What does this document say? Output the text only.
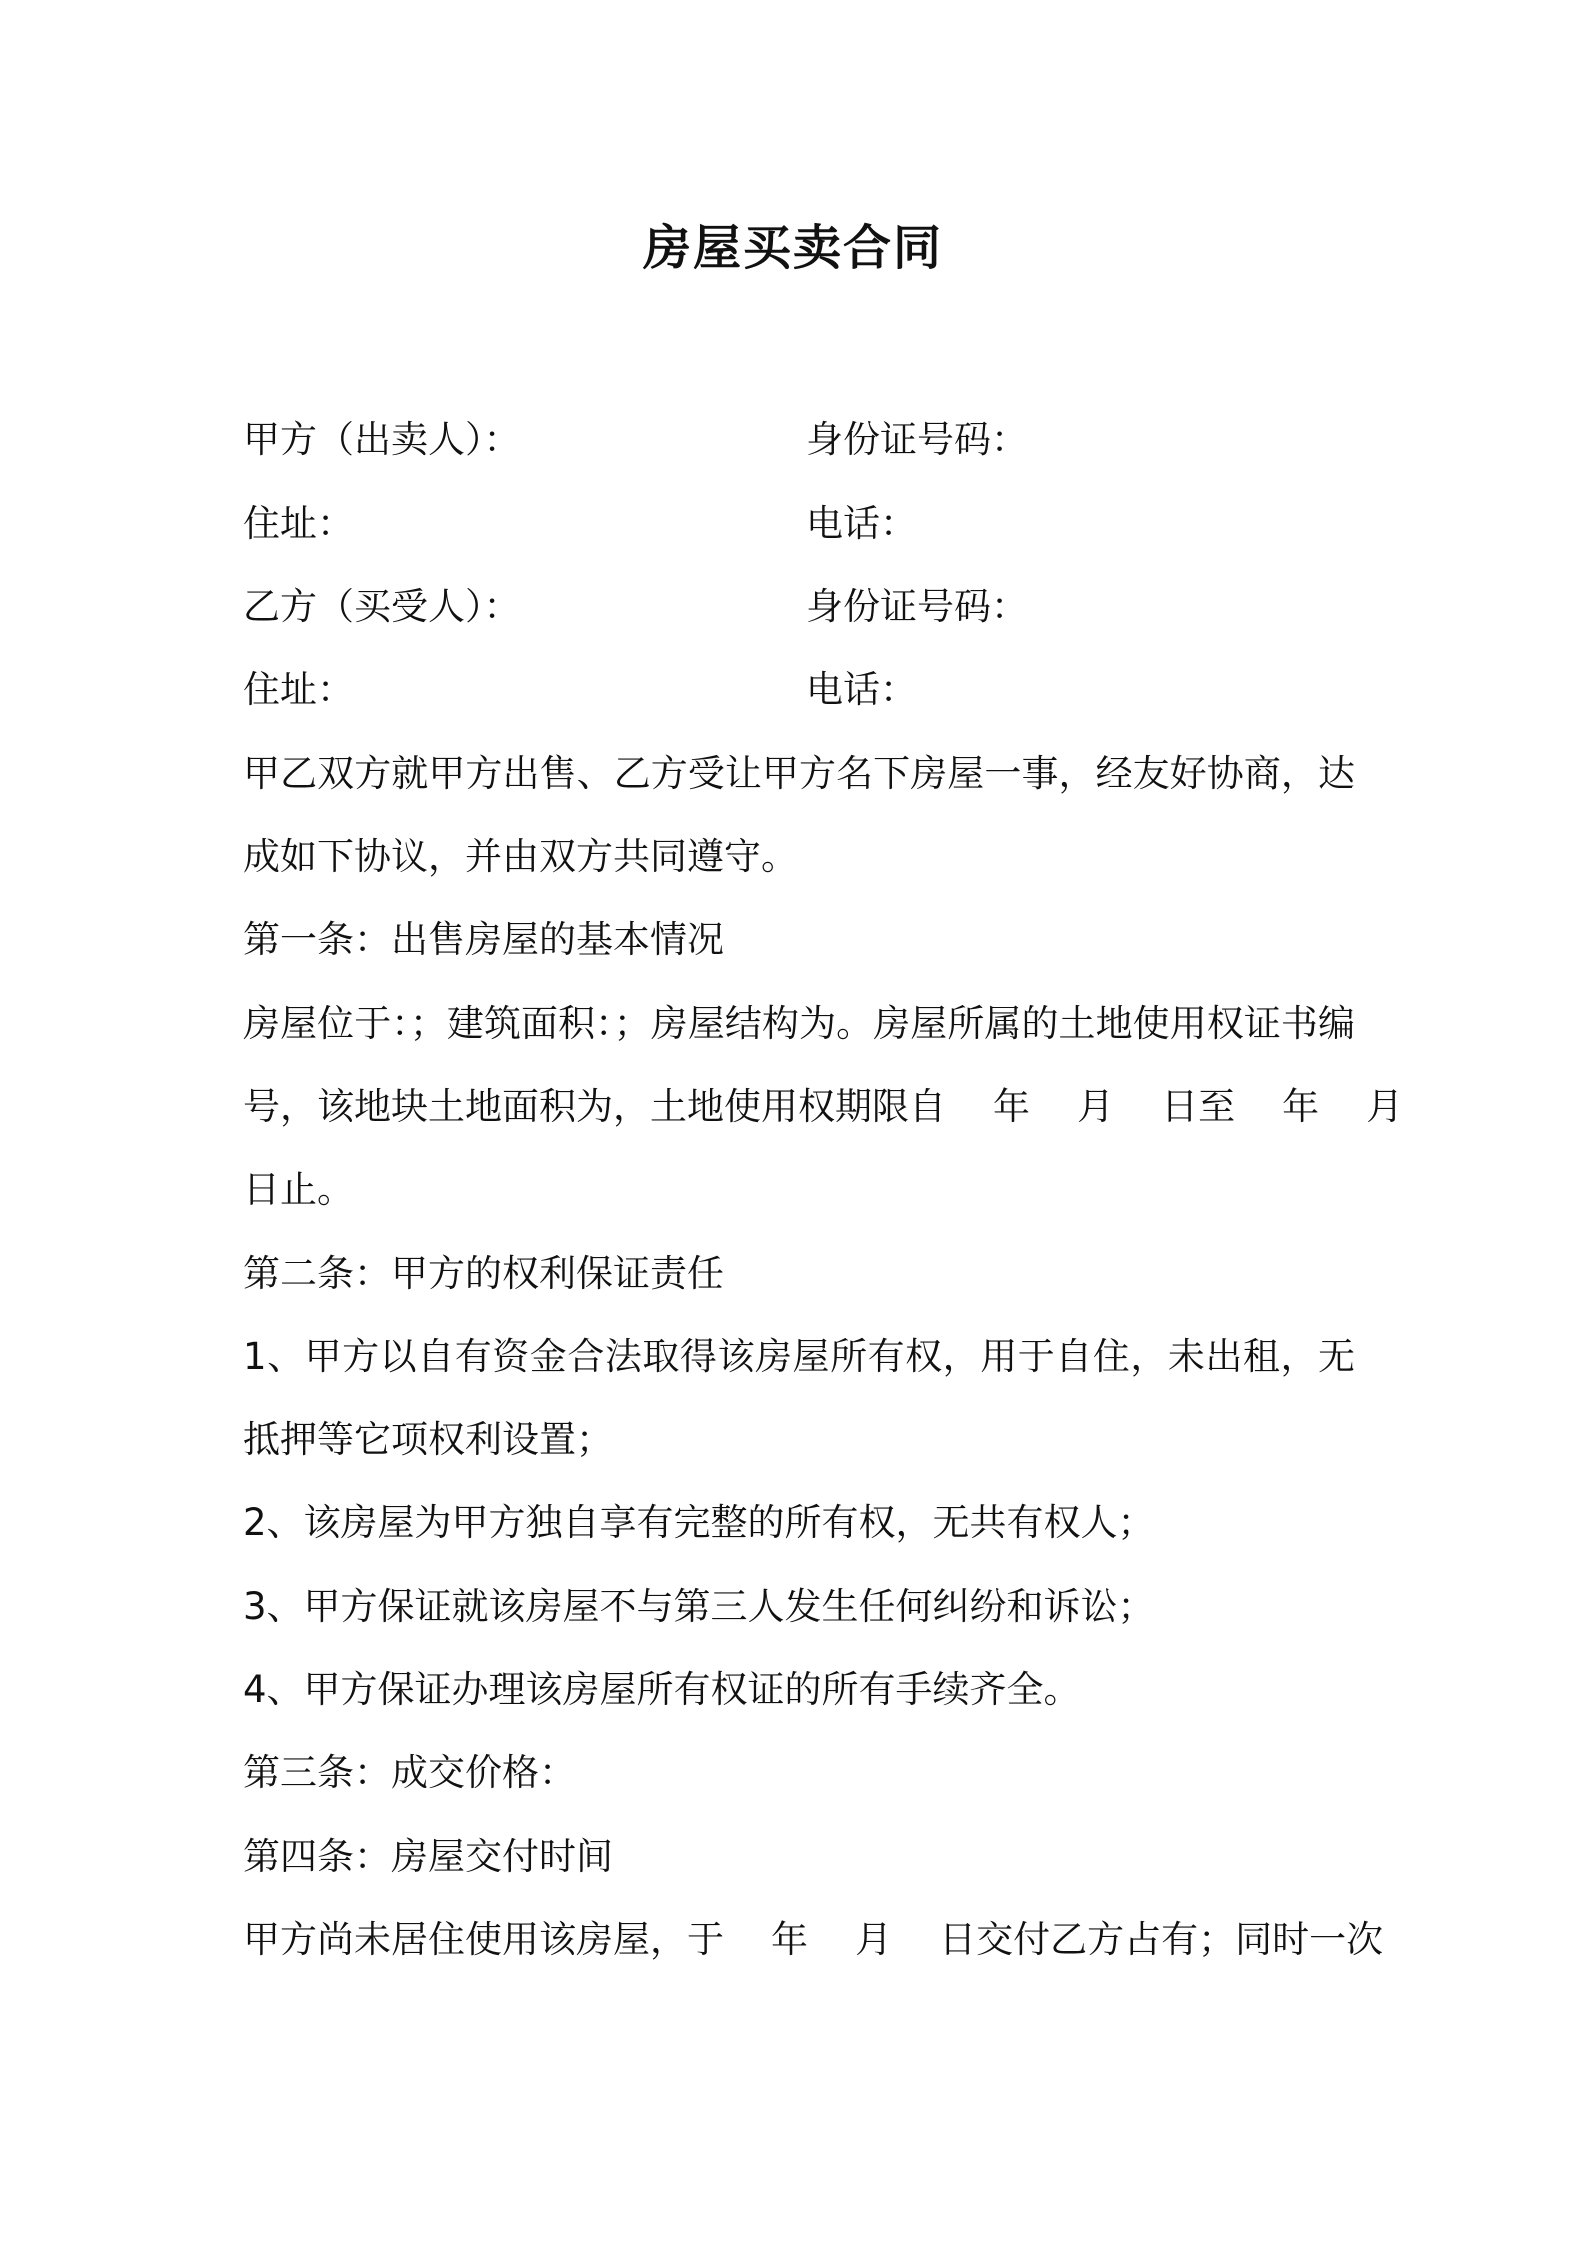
房屋买卖合同
甲方（出卖人）：	身份证号码：
住址：	电话：
乙方（买受人）：	身份证号码：
住址：	电话：
甲乙双方就甲方出售、乙方受让甲方名下房屋一事，经友好协商，达
成如下协议，并由双方共同遵守。
第一条：出售房屋的基本情况
房屋位于：；建筑面积：；房屋结构为。房屋所属的土地使用权证书编
号，该地块土地面积为，土地使用权期限自    年    月    日至    年    月
日止。
第二条：甲方的权利保证责任
1、甲方以自有资金合法取得该房屋所有权，用于自住，未出租，无
抵押等它项权利设置；
2、该房屋为甲方独自享有完整的所有权，无共有权人；
3、甲方保证就该房屋不与第三人发生任何纠纷和诉讼；
4、甲方保证办理该房屋所有权证的所有手续齐全。
第三条：成交价格：
第四条：房屋交付时间
甲方尚未居住使用该房屋，于    年    月    日交付乙方占有；同时一次
